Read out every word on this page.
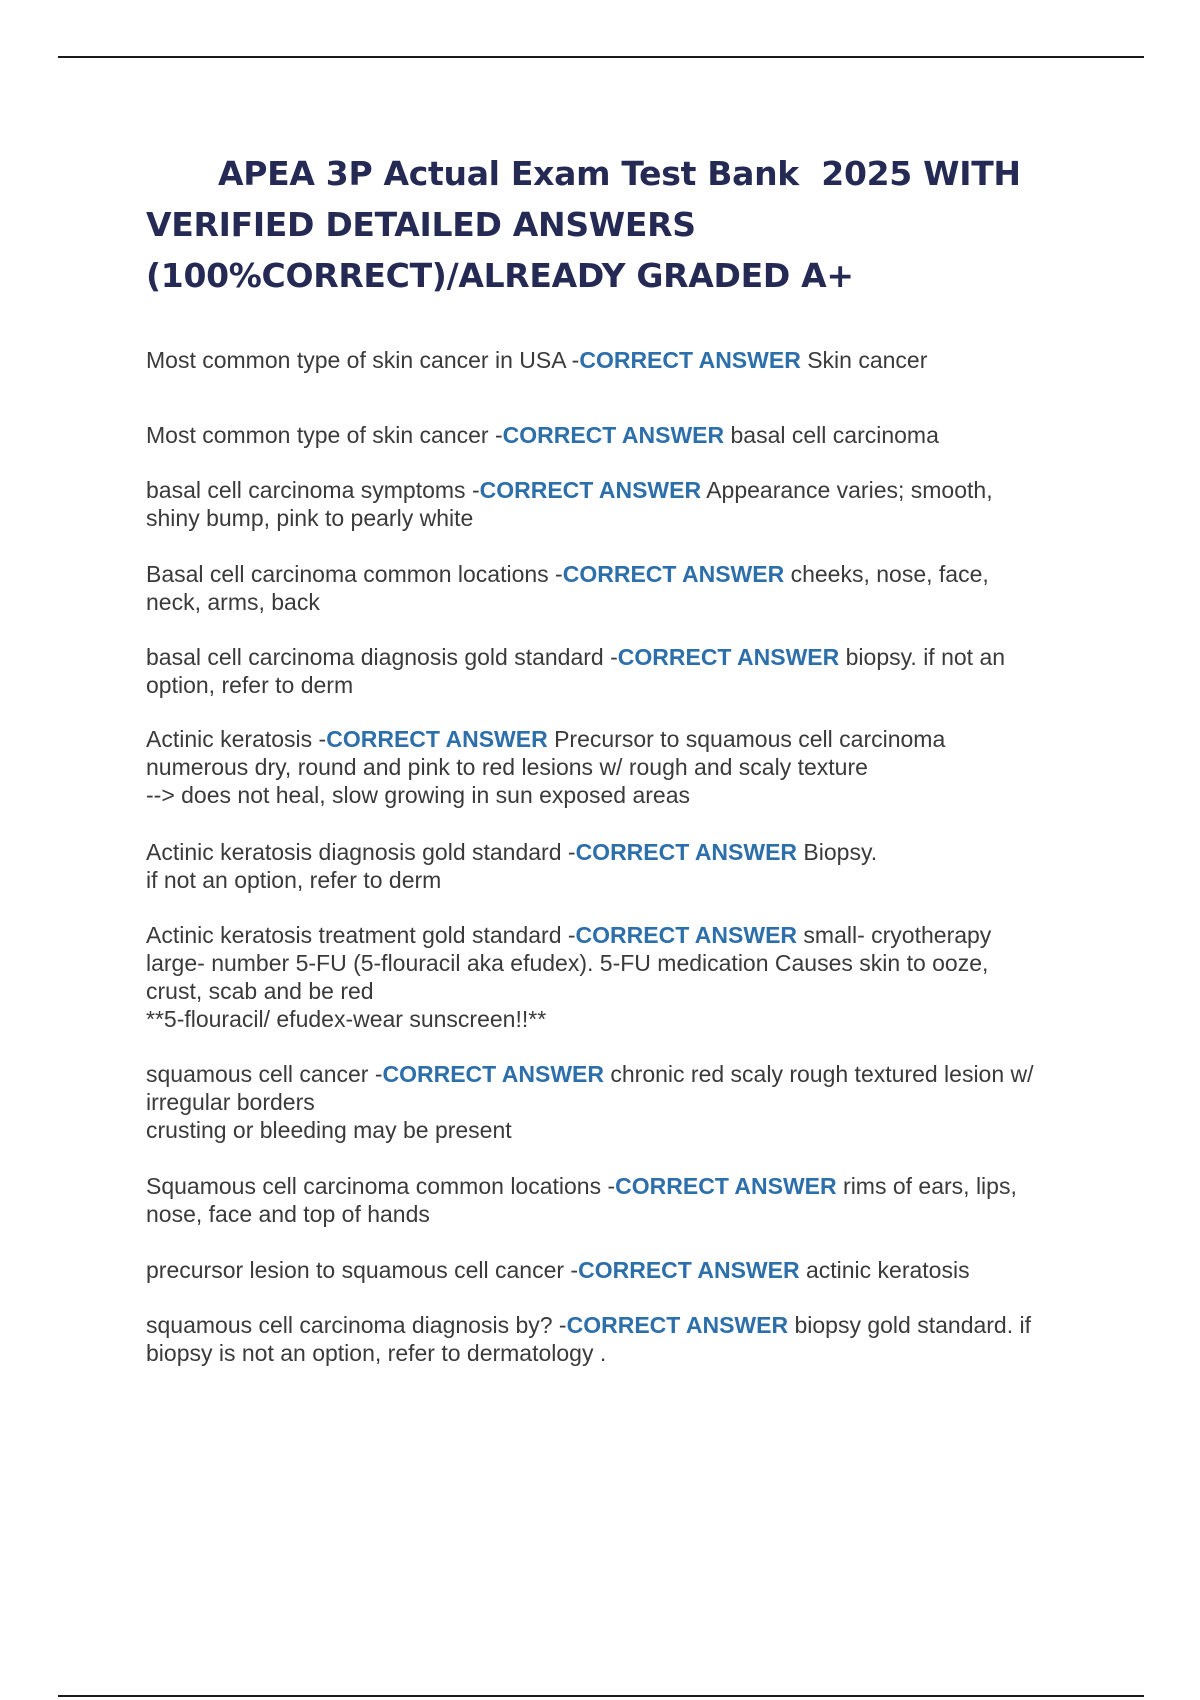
APEA 3P Actual Exam Test Bank  2025 WITH
VERIFIED DETAILED ANSWERS
(100%CORRECT)/ALREADY GRADED A+
Most common type of skin cancer in USA -CORRECT ANSWER Skin cancer
Most common type of skin cancer -CORRECT ANSWER basal cell carcinoma
basal cell carcinoma symptoms -CORRECT ANSWER Appearance varies; smooth,
shiny bump, pink to pearly white
Basal cell carcinoma common locations -CORRECT ANSWER cheeks, nose, face,
neck, arms, back
basal cell carcinoma diagnosis gold standard -CORRECT ANSWER biopsy. if not an
option, refer to derm
Actinic keratosis -CORRECT ANSWER Precursor to squamous cell carcinoma
numerous dry, round and pink to red lesions w/ rough and scaly texture
--> does not heal, slow growing in sun exposed areas
Actinic keratosis diagnosis gold standard -CORRECT ANSWER Biopsy.
if not an option, refer to derm
Actinic keratosis treatment gold standard -CORRECT ANSWER small- cryotherapy
large- number 5-FU (5-flouracil aka efudex). 5-FU medication Causes skin to ooze,
crust, scab and be red
**5-flouracil/ efudex-wear sunscreen!!**
squamous cell cancer -CORRECT ANSWER chronic red scaly rough textured lesion w/
irregular borders
crusting or bleeding may be present
Squamous cell carcinoma common locations -CORRECT ANSWER rims of ears, lips,
nose, face and top of hands
precursor lesion to squamous cell cancer -CORRECT ANSWER actinic keratosis
squamous cell carcinoma diagnosis by? -CORRECT ANSWER biopsy gold standard. if
biopsy is not an option, refer to dermatology .
